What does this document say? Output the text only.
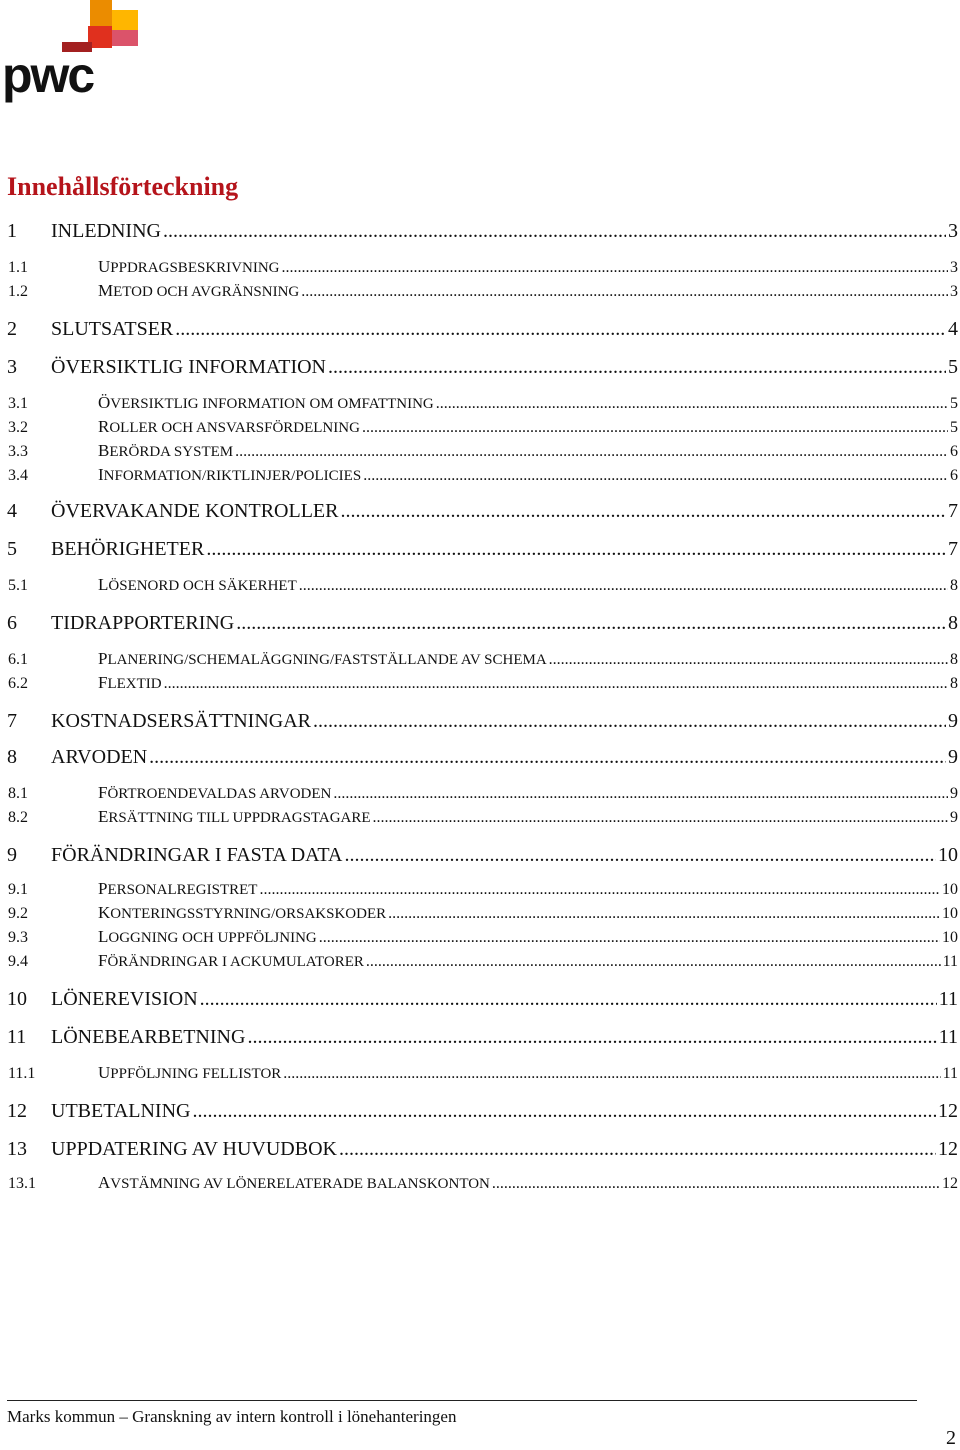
pwc
Innehållsförteckning
1	INLEDNING .....	3
1.1	UPPDRAGSBESKRIVNING .....	3
1.2	METOD OCH AVGRÄNSNING .....	3
2	SLUTSATSER .....	4
3	ÖVERSIKTLIG INFORMATION .....	5
3.1	ÖVERSIKTLIG INFORMATION OM OMFATTNING .....	5
3.2	ROLLER OCH ANSVARSFÖRDELNING .....	5
3.3	BERÖRDA SYSTEM .....	6
3.4	INFORMATION/RIKTLINJER/POLICIES .....	6
4	ÖVERVAKANDE KONTROLLER .....	7
5	BEHÖRIGHETER .....	7
5.1	LÖSENORD OCH SÄKERHET .....	8
6	TIDRAPPORTERING .....	8
6.1	PLANERING/SCHEMALÄGGNING/FASTSTÄLLANDE AV SCHEMA .....	8
6.2	FLEXTID .....	8
7	KOSTNADSERSÄTTNINGAR .....	9
8	ARVODEN .....	9
8.1	FÖRTROENDEVALDAS ARVODEN .....	9
8.2	ERSÄTTNING TILL UPPDRAGSTAGARE .....	9
9	FÖRÄNDRINGAR I FASTA DATA .....	10
9.1	PERSONALREGISTRET .....	10
9.2	KONTERINGSSTYRNING/ORSAKSKODER .....	10
9.3	LOGGNING OCH UPPFÖLJNING .....	10
9.4	FÖRÄNDRINGAR I ACKUMULATORER .....	11
10	LÖNEREVISION .....	11
11	LÖNEBEARBETNING .....	11
11.1	UPPFÖLJNING FELLISTOR .....	11
12	UTBETALNING .....	12
13	UPPDATERING AV HUVUDBOK .....	12
13.1	AVSTÄMNING AV LÖNERELATERADE BALANSKONTON .....	12
Marks kommun – Granskning av intern kontroll i lönehanteringen
2
